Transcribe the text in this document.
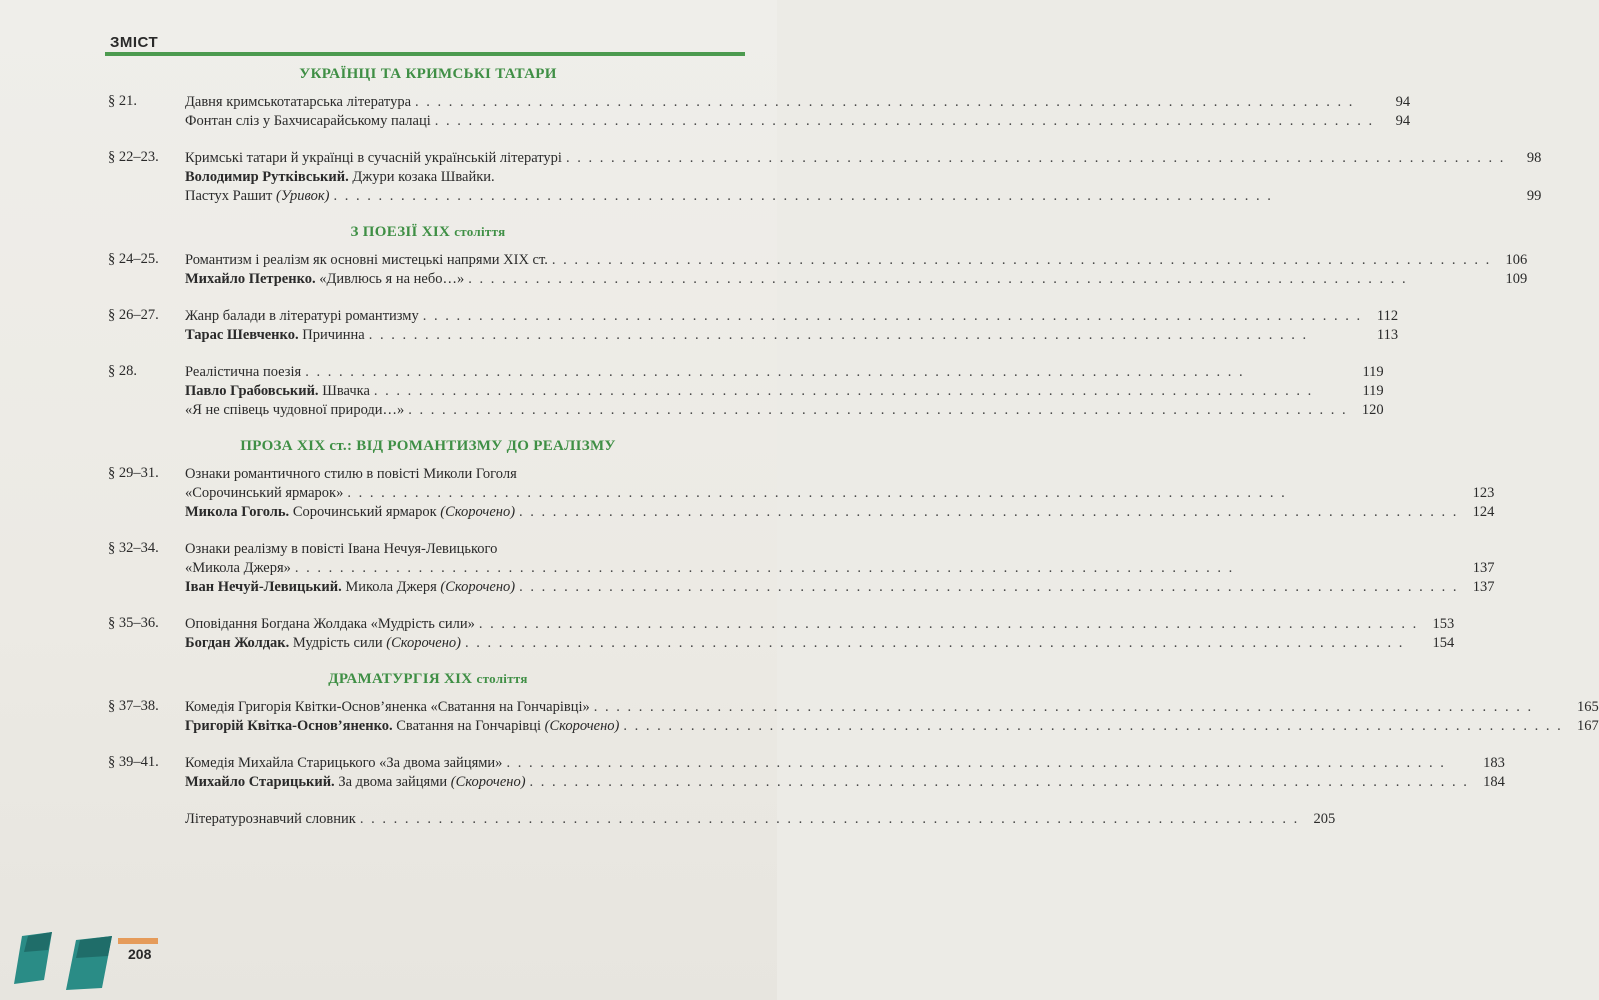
ЗМІСТ
УКРАЇНЦІ ТА КРИМСЬКІ ТАТАРИ
§ 21.	Давня кримськотатарська література . . .	94
Фонтан сліз у Бахчисарайському палаці . . .	94
§ 22–23.	Кримські татари й українці в сучасній українській літературі . . .	98
Володимир Рутківський. Джури козака Швайки.
Пастух Рашит (Уривок) . . .	99
З ПОЕЗІЇ XIX століття
§ 24–25.	Романтизм і реалізм як основні мистецькі напрями XIX ст. . . .	106
Михайло Петренко. «Дивлюсь я на небо…» . . .	109
§ 26–27.	Жанр балади в літературі романтизму . . .	112
Тарас Шевченко. Причинна . . .	113
§ 28.	Реалістична поезія . . .	119
Павло Грабовський. Швачка . . .	119
«Я не співець чудовної природи…» . . .	120
ПРОЗА XIX ст.: ВІД РОМАНТИЗМУ ДО РЕАЛІЗМУ
§ 29–31.	Ознаки романтичного стилю в повісті Миколи Гоголя
«Сорочинський ярмарок» . . .	123
Микола Гоголь. Сорочинський ярмарок (Скорочено) . . .	124
§ 32–34.	Ознаки реалізму в повісті Івана Нечуя-Левицького
«Микола Джеря» . . .	137
Іван Нечуй-Левицький. Микола Джеря (Скорочено) . . .	137
§ 35–36.	Оповідання Богдана Жолдака «Мудрість сили» . . .	153
Богдан Жолдак. Мудрість сили (Скорочено) . . .	154
ДРАМАТУРГІЯ XIX століття
§ 37–38.	Комедія Григорія Квітки-Основ’яненка «Сватання на Гончарівці» . . .	165
Григорій Квітка-Основ’яненко. Сватання на Гончарівці (Скорочено) . . .	167
§ 39–41.	Комедія Михайла Старицького «За двома зайцями» . . .	183
Михайло Старицький. За двома зайцями (Скорочено) . . .	184
Літературознавчий словник . . .	205
208
